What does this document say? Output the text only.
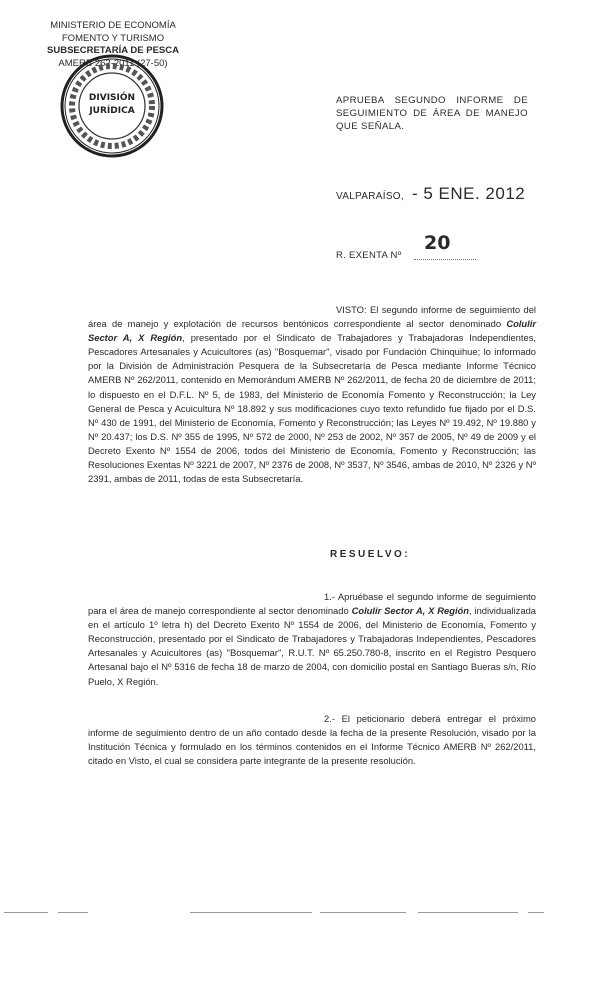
MINISTERIO DE ECONOMÍA
FOMENTO Y TURISMO
SUBSECRETARÍA DE PESCA
AMERB 262-2011 (27-50)
DIVISIÓN
JURÍDICA
APRUEBA SEGUNDO INFORME DE SEGUIMIENTO DE ÁREA DE MANEJO QUE SEÑALA.
VALPARAÍSO, - 5 ENE. 2012
R. EXENTA Nº
20

VISTO: El segundo informe de seguimiento del área de manejo y explotación de recursos bentónicos correspondiente al sector denominado Colulir Sector A, X Región, presentado por el Sindicato de Trabajadores y Trabajadoras Independientes, Pescadores Artesanales y Acuicultores (as) "Bosquemar", visado por Fundación Chinquihue; lo informado por la División de Administración Pesquera de la Subsecretaría de Pesca mediante Informe Técnico AMERB Nº 262/2011, contenido en Memorándum AMERB Nº 262/2011, de fecha 20 de diciembre de 2011; lo dispuesto en el D.F.L. Nº 5, de 1983, del Ministerio de Economía Fomento y Reconstrucción; la Ley General de Pesca y Acuicultura Nº 18.892 y sus modificaciones cuyo texto refundido fue fijado por el D.S. Nº 430 de 1991, del Ministerio de Economía, Fomento y Reconstrucción; las Leyes Nº 19.492, Nº 19.880 y Nº 20.437; los D.S. Nº 355 de 1995, Nº 572 de 2000, Nº 253 de 2002, Nº 357 de 2005, Nº 49 de 2009 y el Decreto Exento Nº 1554 de 2006, todos del Ministerio de Economía, Fomento y Reconstrucción; las Resoluciones Exentas Nº 3221 de 2007, Nº 2376 de 2008, Nº 3537, Nº 3546, ambas de 2010, Nº 2326 y Nº 2391, ambas de 2011, todas de esta Subsecretaría.

RESUELVO:

1.- Apruébase el segundo informe de seguimiento para el área de manejo correspondiente al sector denominado Colulir Sector A, X Región, individualizada en el artículo 1º letra h) del Decreto Exento Nº 1554 de 2006, del Ministerio de Economía, Fomento y Reconstrucción, presentado por el Sindicato de Trabajadores y Trabajadoras Independientes, Pescadores Artesanales y Acuicultores (as) "Bosquemar", R.U.T. Nº 65.250.780-8, inscrito en el Registro Pesquero Artesanal bajo el Nº 5316 de fecha 18 de marzo de 2004, con domicilio postal en Santiago Bueras s/n, Río Puelo, X Región.

2.- El peticionario deberá entregar el próximo informe de seguimiento dentro de un año contado desde la fecha de la presente Resolución, visado por la Institución Técnica y formulado en los términos contenidos en el Informe Técnico AMERB Nº 262/2011, citado en Visto, el cual se considera parte integrante de la presente resolución.
